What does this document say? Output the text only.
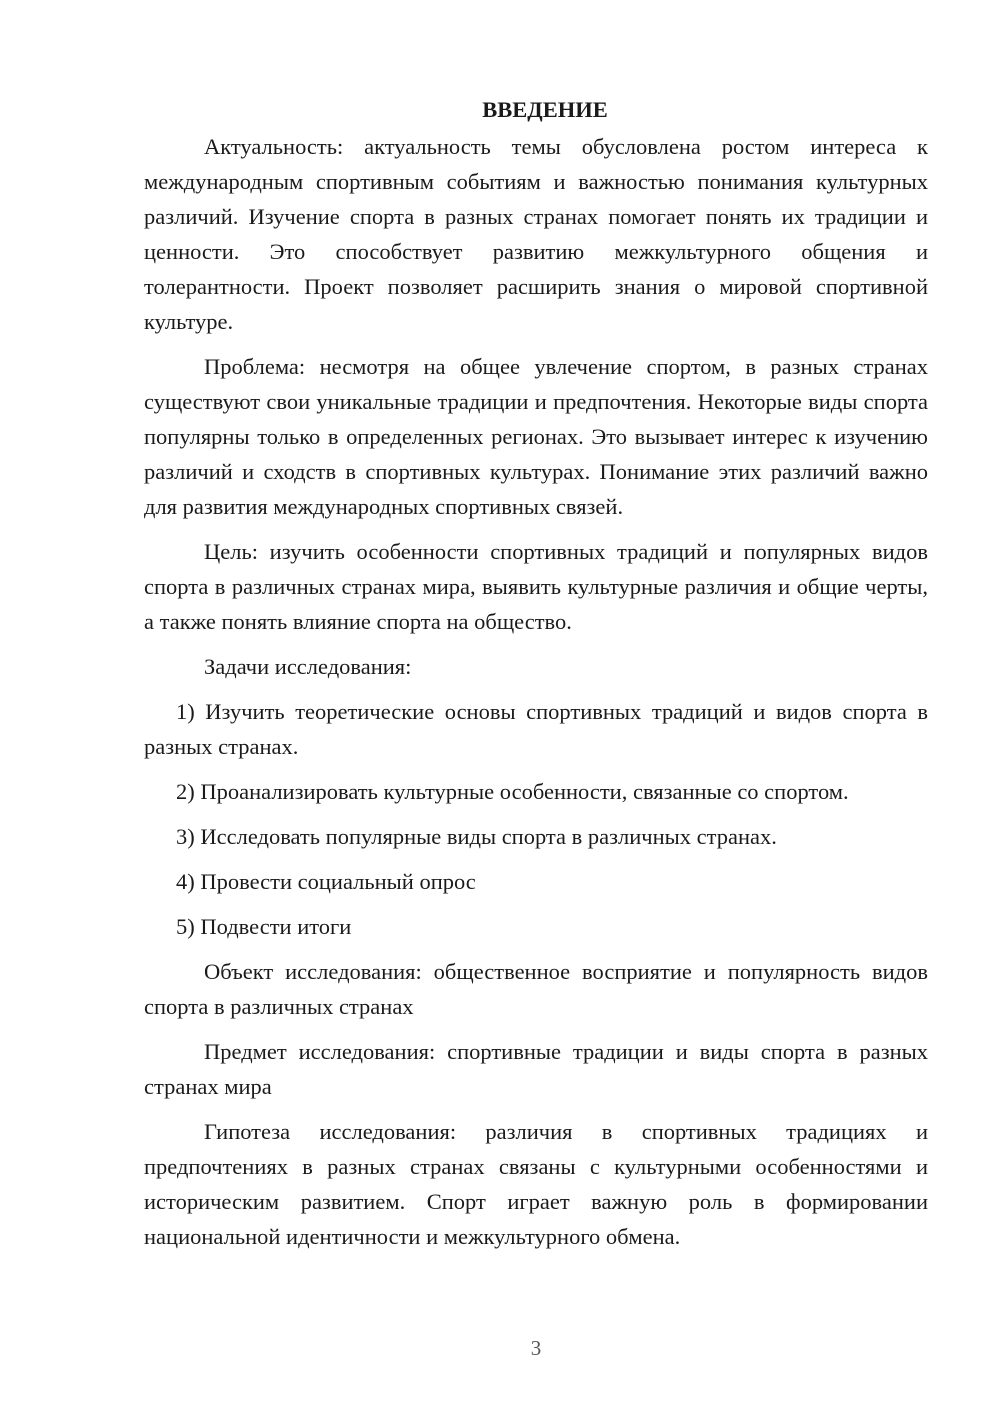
ВВЕДЕНИЕ

Актуальность: актуальность темы обусловлена ростом интереса к международным спортивным событиям и важностью понимания культурных различий. Изучение спорта в разных странах помогает понять их традиции и ценности. Это способствует развитию межкультурного общения и толерантности. Проект позволяет расширить знания о мировой спортивной культуре.

Проблема: несмотря на общее увлечение спортом, в разных странах существуют свои уникальные традиции и предпочтения. Некоторые виды спорта популярны только в определенных регионах. Это вызывает интерес к изучению различий и сходств в спортивных культурах. Понимание этих различий важно для развития международных спортивных связей.

Цель: изучить особенности спортивных традиций и популярных видов спорта в различных странах мира, выявить культурные различия и общие черты, а также понять влияние спорта на общество.

Задачи исследования:

1) Изучить теоретические основы спортивных традиций и видов спорта в разных странах.

2) Проанализировать культурные особенности, связанные со спортом.

3) Исследовать популярные виды спорта в различных странах.

4) Провести социальный опрос

5) Подвести итоги

Объект исследования: общественное восприятие и популярность видов спорта в различных странах

Предмет исследования: спортивные традиции и виды спорта в разных странах мира

Гипотеза исследования: различия в спортивных традициях и предпочтениях в разных странах связаны с культурными особенностями и историческим развитием. Спорт играет важную роль в формировании национальной идентичности и межкультурного обмена.

3
